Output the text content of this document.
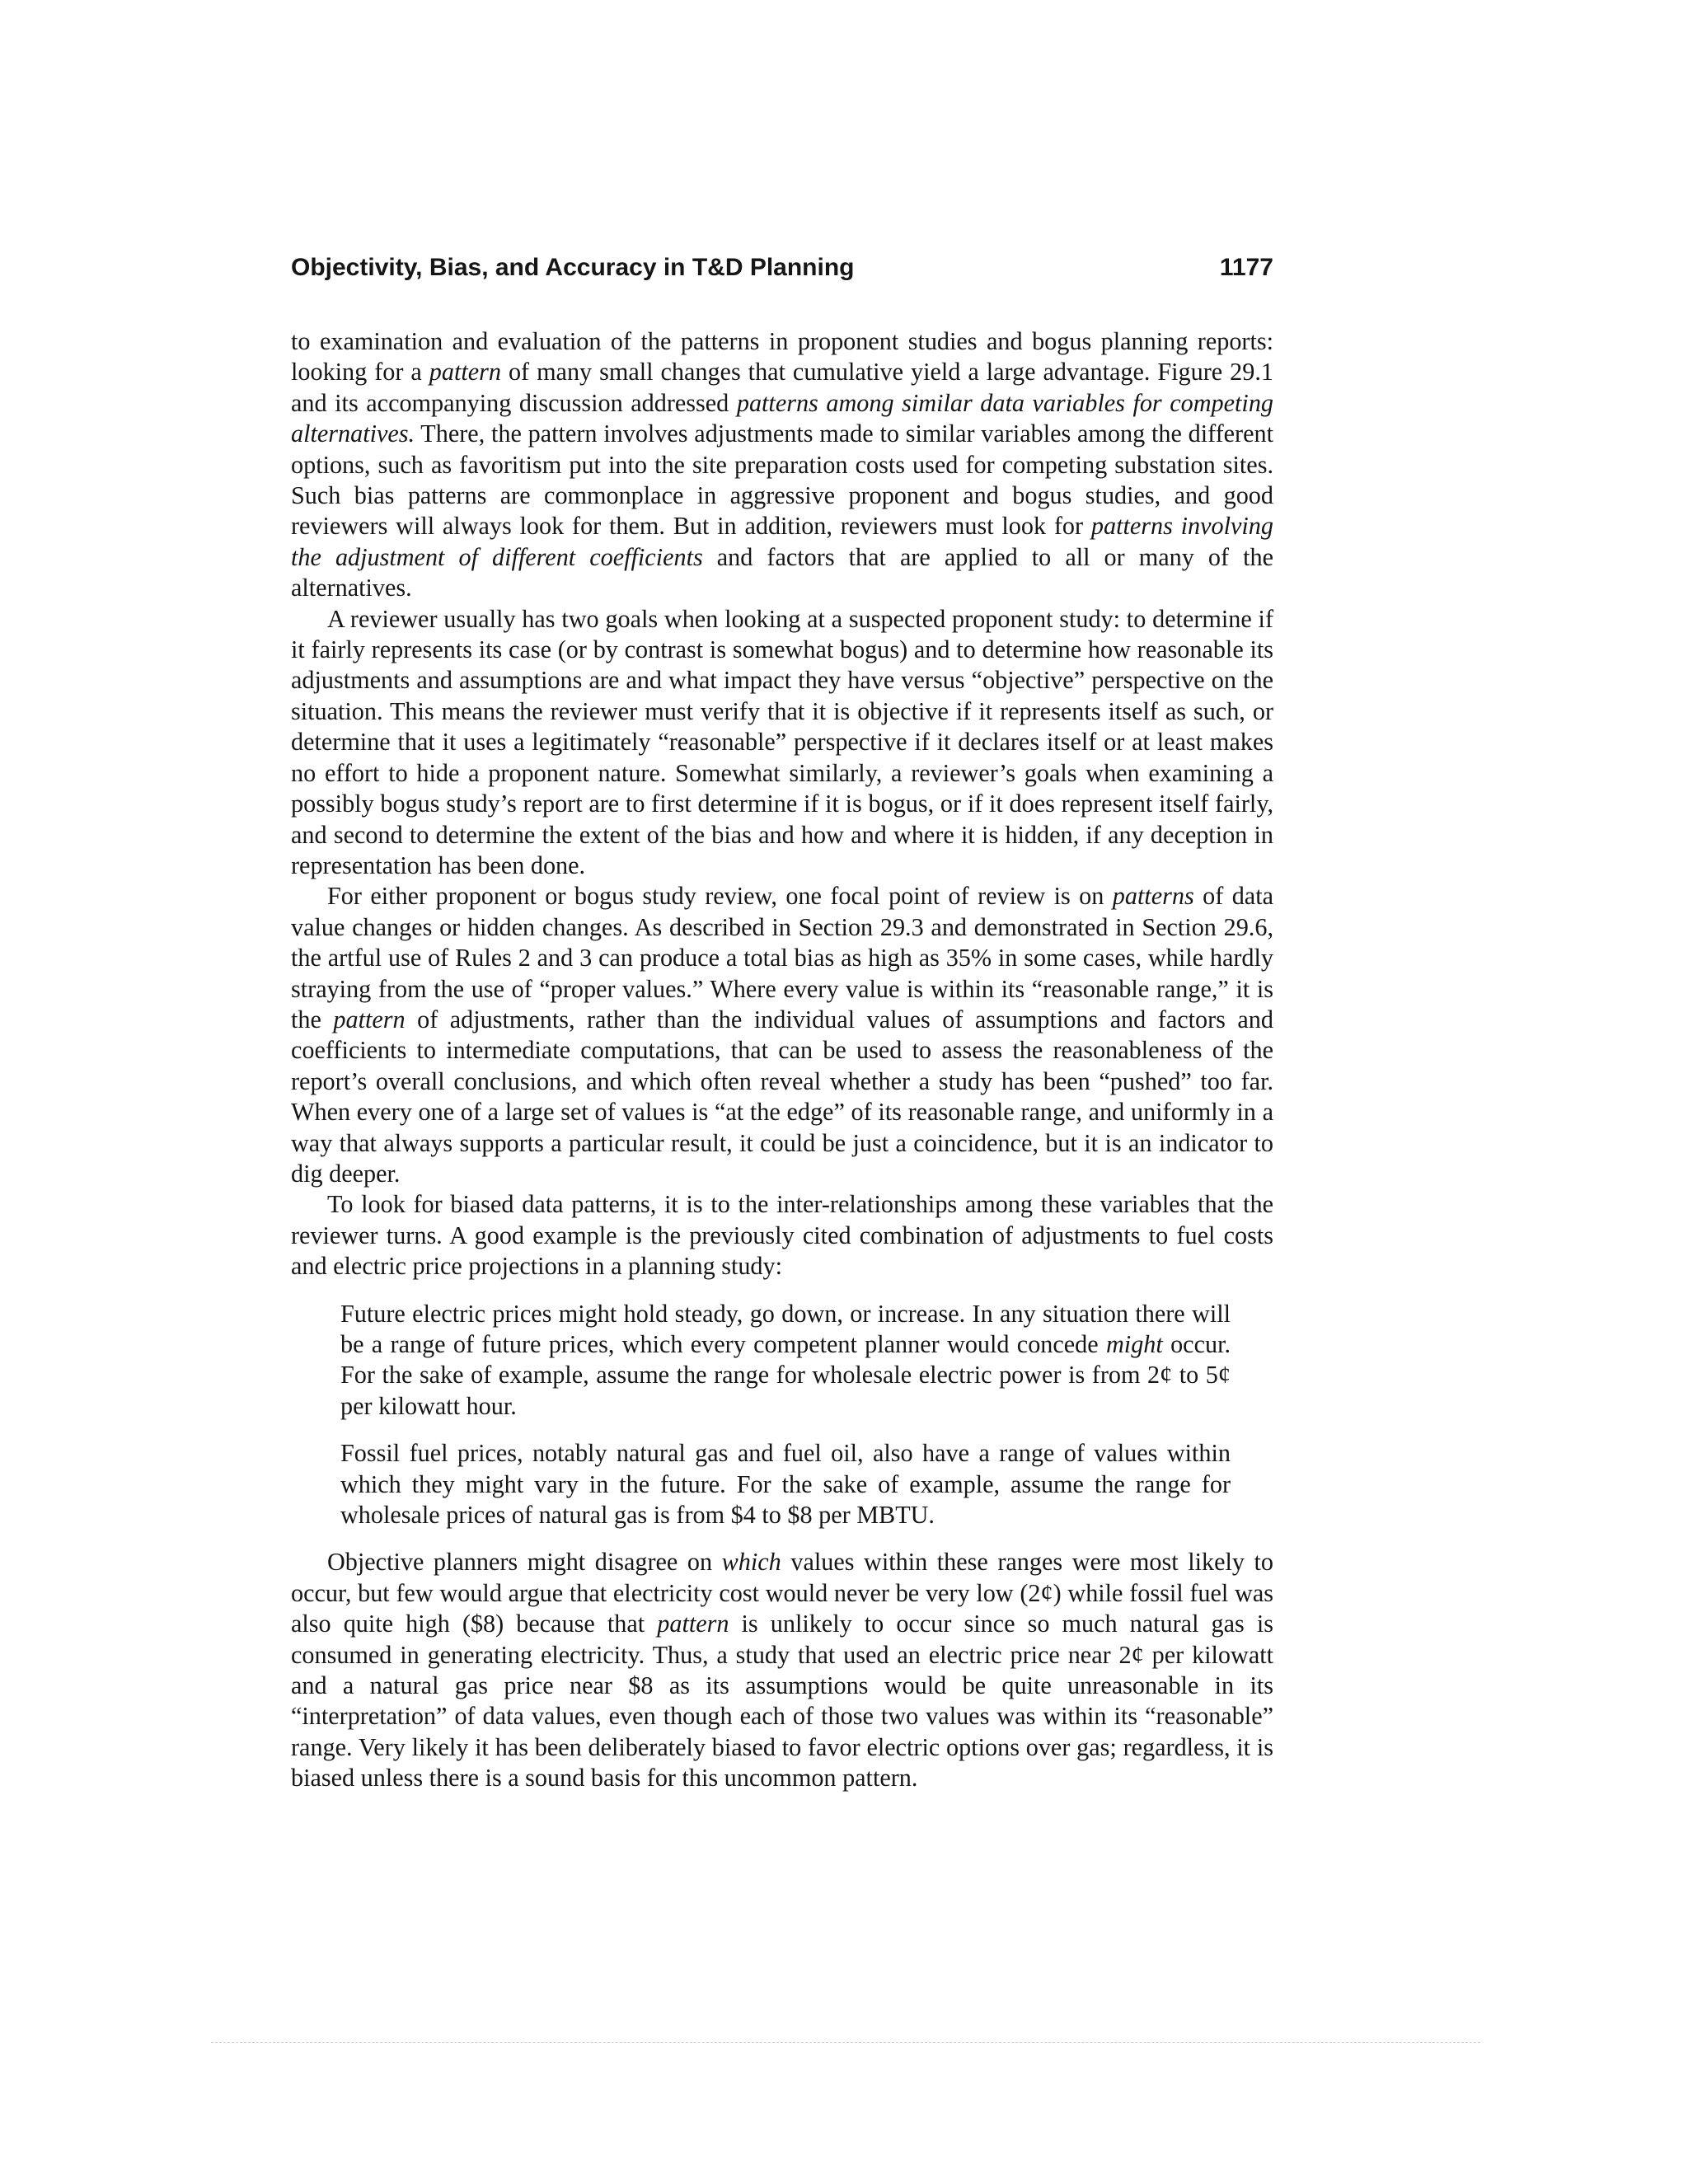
Objectivity, Bias, and Accuracy in T&D Planning	1177

to examination and evaluation of the patterns in proponent studies and bogus planning reports: looking for a pattern of many small changes that cumulative yield a large advantage. Figure 29.1 and its accompanying discussion addressed patterns among similar data variables for competing alternatives. There, the pattern involves adjustments made to similar variables among the different options, such as favoritism put into the site preparation costs used for competing substation sites. Such bias patterns are commonplace in aggressive proponent and bogus studies, and good reviewers will always look for them. But in addition, reviewers must look for patterns involving the adjustment of different coefficients and factors that are applied to all or many of the alternatives.

A reviewer usually has two goals when looking at a suspected proponent study: to determine if it fairly represents its case (or by contrast is somewhat bogus) and to determine how reasonable its adjustments and assumptions are and what impact they have versus “objective” perspective on the situation. This means the reviewer must verify that it is objective if it represents itself as such, or determine that it uses a legitimately “reasonable” perspective if it declares itself or at least makes no effort to hide a proponent nature. Somewhat similarly, a reviewer’s goals when examining a possibly bogus study’s report are to first determine if it is bogus, or if it does represent itself fairly, and second to determine the extent of the bias and how and where it is hidden, if any deception in representation has been done.

For either proponent or bogus study review, one focal point of review is on patterns of data value changes or hidden changes. As described in Section 29.3 and demonstrated in Section 29.6, the artful use of Rules 2 and 3 can produce a total bias as high as 35% in some cases, while hardly straying from the use of “proper values.” Where every value is within its “reasonable range,” it is the pattern of adjustments, rather than the individual values of assumptions and factors and coefficients to intermediate computations, that can be used to assess the reasonableness of the report’s overall conclusions, and which often reveal whether a study has been “pushed” too far. When every one of a large set of values is “at the edge” of its reasonable range, and uniformly in a way that always supports a particular result, it could be just a coincidence, but it is an indicator to dig deeper.

To look for biased data patterns, it is to the inter-relationships among these variables that the reviewer turns. A good example is the previously cited combination of adjustments to fuel costs and electric price projections in a planning study:

Future electric prices might hold steady, go down, or increase. In any situation there will be a range of future prices, which every competent planner would concede might occur. For the sake of example, assume the range for wholesale electric power is from 2¢ to 5¢ per kilowatt hour.

Fossil fuel prices, notably natural gas and fuel oil, also have a range of values within which they might vary in the future. For the sake of example, assume the range for wholesale prices of natural gas is from $4 to $8 per MBTU.

Objective planners might disagree on which values within these ranges were most likely to occur, but few would argue that electricity cost would never be very low (2¢) while fossil fuel was also quite high ($8) because that pattern is unlikely to occur since so much natural gas is consumed in generating electricity. Thus, a study that used an electric price near 2¢ per kilowatt and a natural gas price near $8 as its assumptions would be quite unreasonable in its “interpretation” of data values, even though each of those two values was within its “reasonable” range. Very likely it has been deliberately biased to favor electric options over gas; regardless, it is biased unless there is a sound basis for this uncommon pattern.
